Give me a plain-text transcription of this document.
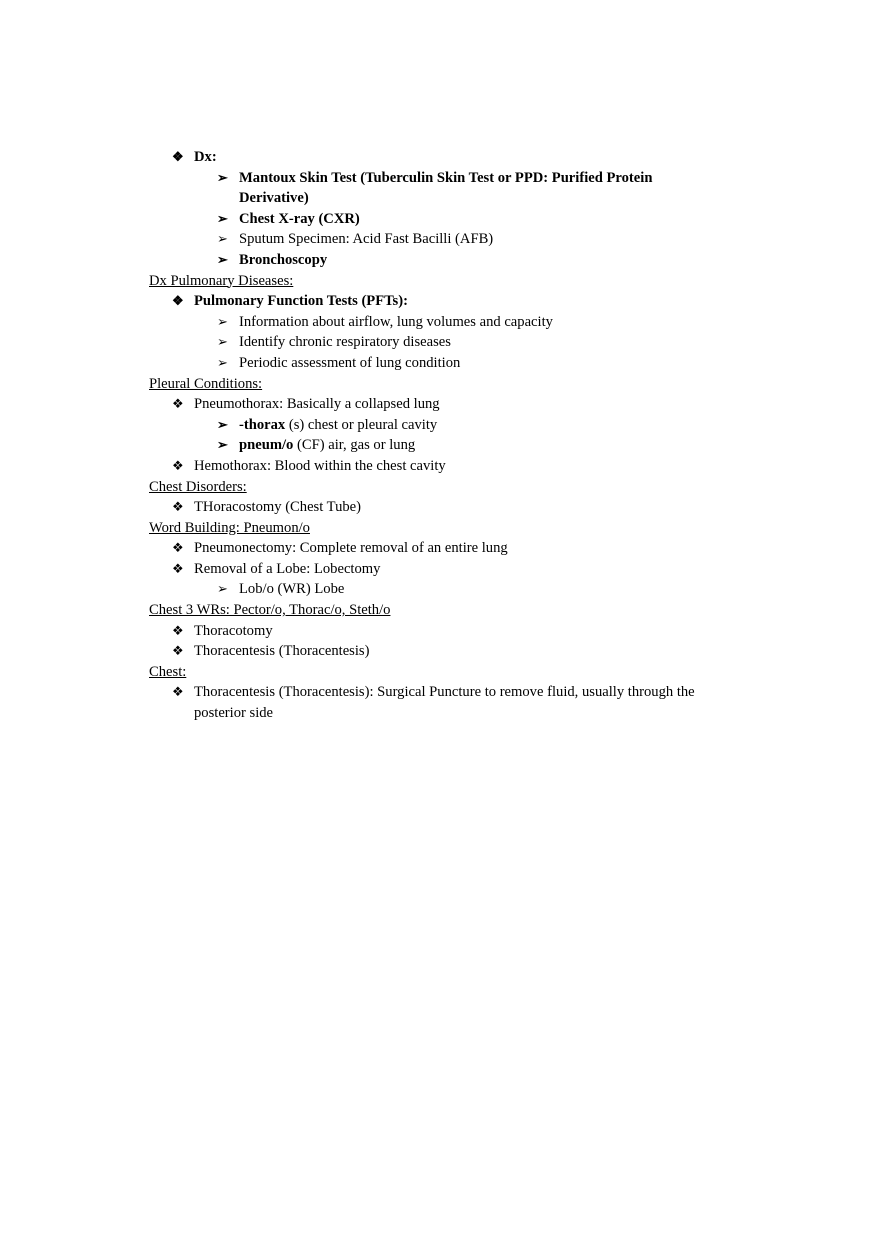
❖ Dx:
➢ Mantoux Skin Test (Tuberculin Skin Test or PPD: Purified Protein
Derivative)
➢ Chest X-ray (CXR)
➢ Sputum Specimen: Acid Fast Bacilli (AFB)
➢ Bronchoscopy
Dx Pulmonary Diseases:
❖ Pulmonary Function Tests (PFTs):
➢ Information about airflow, lung volumes and capacity
➢ Identify chronic respiratory diseases
➢ Periodic assessment of lung condition
Pleural Conditions:
❖ Pneumothorax: Basically a collapsed lung
➢ -thorax (s) chest or pleural cavity
➢ pneum/o (CF) air, gas or lung
❖ Hemothorax: Blood within the chest cavity
Chest Disorders:
❖ THoracostomy (Chest Tube)
Word Building: Pneumon/o
❖ Pneumonectomy: Complete removal of an entire lung
❖ Removal of a Lobe: Lobectomy
➢ Lob/o (WR) Lobe
Chest 3 WRs: Pector/o, Thorac/o, Steth/o
❖ Thoracotomy
❖ Thoracentesis (Thoracentesis)
Chest:
❖ Thoracentesis (Thoracentesis): Surgical Puncture to remove fluid, usually through the
posterior side
